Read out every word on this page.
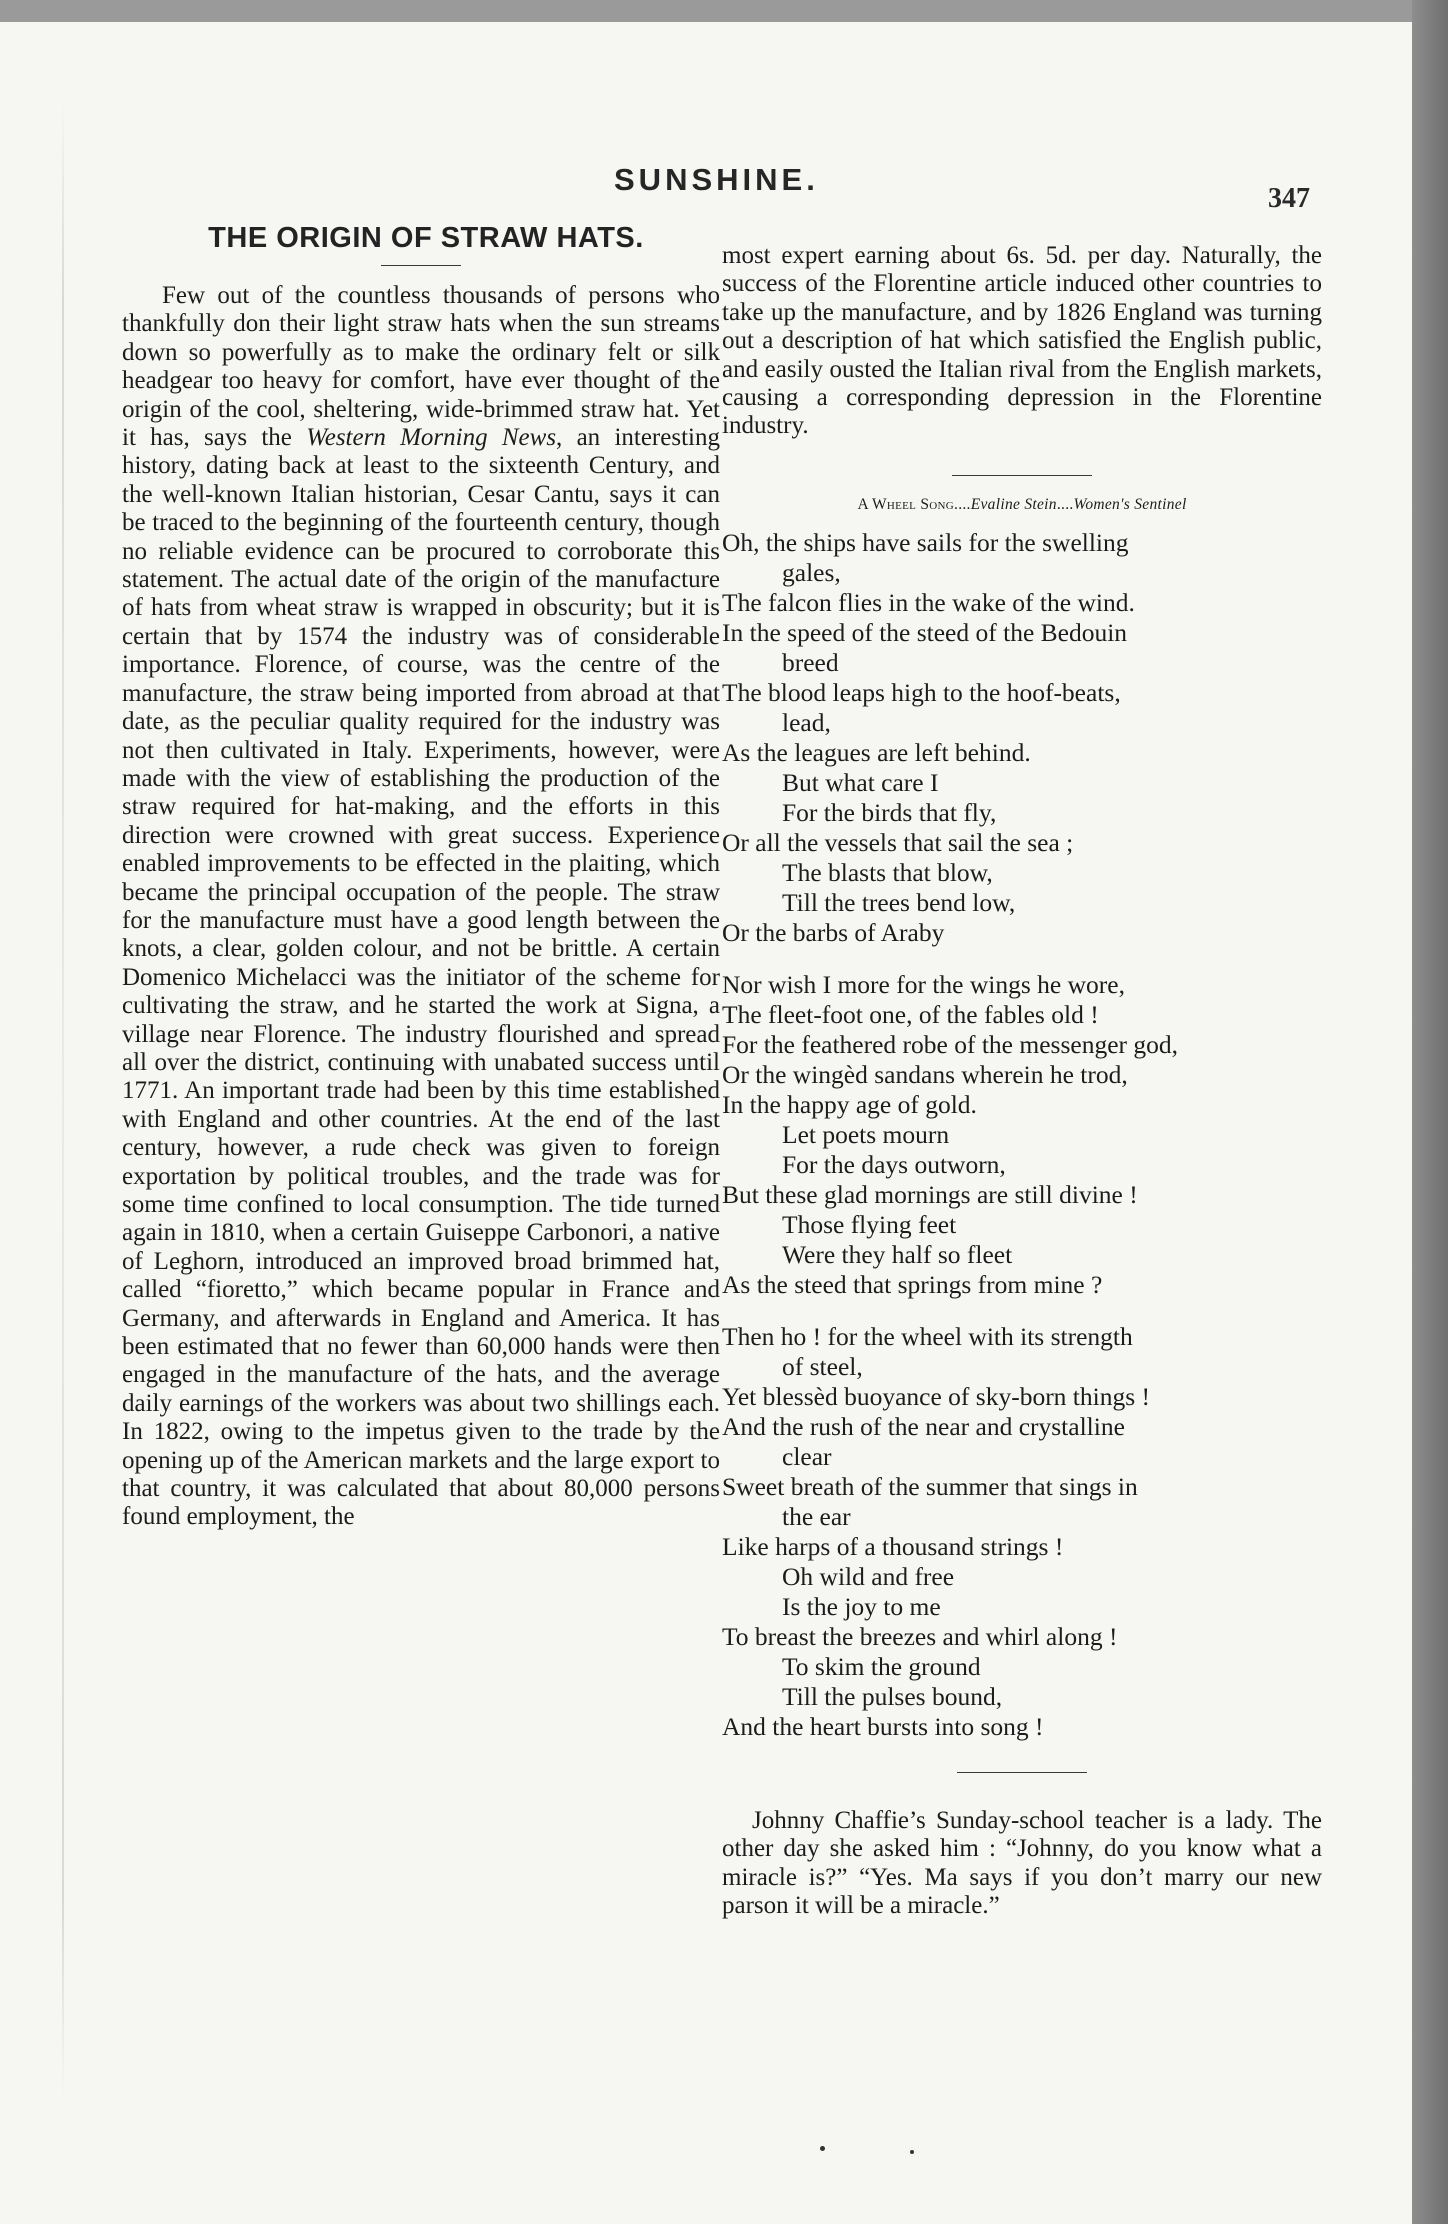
SUNSHINE.
347
THE ORIGIN OF STRAW HATS.

Few out of the countless thousands of persons who thankfully don their light straw hats when the sun streams down so powerfully as to make the ordinary felt or silk headgear too heavy for comfort, have ever thought of the origin of the cool, sheltering, wide-brimmed straw hat. Yet it has, says the Western Morning News, an interesting history, dating back at least to the sixteenth Century, and the well-known Italian historian, Cesar Cantu, says it can be traced to the beginning of the fourteenth century, though no reliable evidence can be procured to corroborate this statement. The actual date of the origin of the manufacture of hats from wheat straw is wrapped in obscurity; but it is certain that by 1574 the industry was of considerable importance. Florence, of course, was the centre of the manufacture, the straw being imported from abroad at that date, as the peculiar quality required for the industry was not then cultivated in Italy. Experiments, however, were made with the view of establishing the production of the straw required for hat-making, and the efforts in this direction were crowned with great success. Experience enabled improvements to be effected in the plaiting, which became the principal occupation of the people. The straw for the manufacture must have a good length between the knots, a clear, golden colour, and not be brittle. A certain Domenico Michelacci was the initiator of the scheme for cultivating the straw, and he started the work at Signa, a village near Florence. The industry flourished and spread all over the district, continuing with unabated success until 1771. An important trade had been by this time established with England and other countries. At the end of the last century, however, a rude check was given to foreign exportation by political troubles, and the trade was for some time confined to local consumption. The tide turned again in 1810, when a certain Guiseppe Carbonori, a native of Leghorn, introduced an improved broad brimmed hat, called “fioretto,” which became popular in France and Germany, and afterwards in England and America. It has been estimated that no fewer than 60,000 hands were then engaged in the manufacture of the hats, and the average daily earnings of the workers was about two shillings each. In 1822, owing to the impetus given to the trade by the opening up of the American markets and the large export to that country, it was calculated that about 80,000 persons found employment, the

most expert earning about 6s. 5d. per day. Naturally, the success of the Florentine article induced other countries to take up the manufacture, and by 1826 England was turning out a description of hat which satisfied the English public, and easily ousted the Italian rival from the English markets, causing a corresponding depression in the Florentine industry.

A Wheel Song....Evaline Stein....Women's Sentinel

Oh, the ships have sails for the swelling
gales,
The falcon flies in the wake of the wind.
In the speed of the steed of the Bedouin
breed
The blood leaps high to the hoof-beats,
lead,
As the leagues are left behind.
But what care I
For the birds that fly,
Or all the vessels that sail the sea ;
The blasts that blow,
Till the trees bend low,
Or the barbs of Araby
Nor wish I more for the wings he wore,
The fleet-foot one, of the fables old !
For the feathered robe of the messenger god,
Or the wingèd sandans wherein he trod,
In the happy age of gold.
Let poets mourn
For the days outworn,
But these glad mornings are still divine !
Those flying feet
Were they half so fleet
As the steed that springs from mine ?
Then ho ! for the wheel with its strength
of steel,
Yet blessèd buoyance of sky-born things !
And the rush of the near and crystalline
clear
Sweet breath of the summer that sings in
the ear
Like harps of a thousand strings !
Oh wild and free
Is the joy to me
To breast the breezes and whirl along !
To skim the ground
Till the pulses bound,
And the heart bursts into song !

Johnny Chaffie’s Sunday-school teacher is a lady. The other day she asked him : “Johnny, do you know what a miracle is?” “Yes. Ma says if you don’t marry our new parson it will be a miracle.”
